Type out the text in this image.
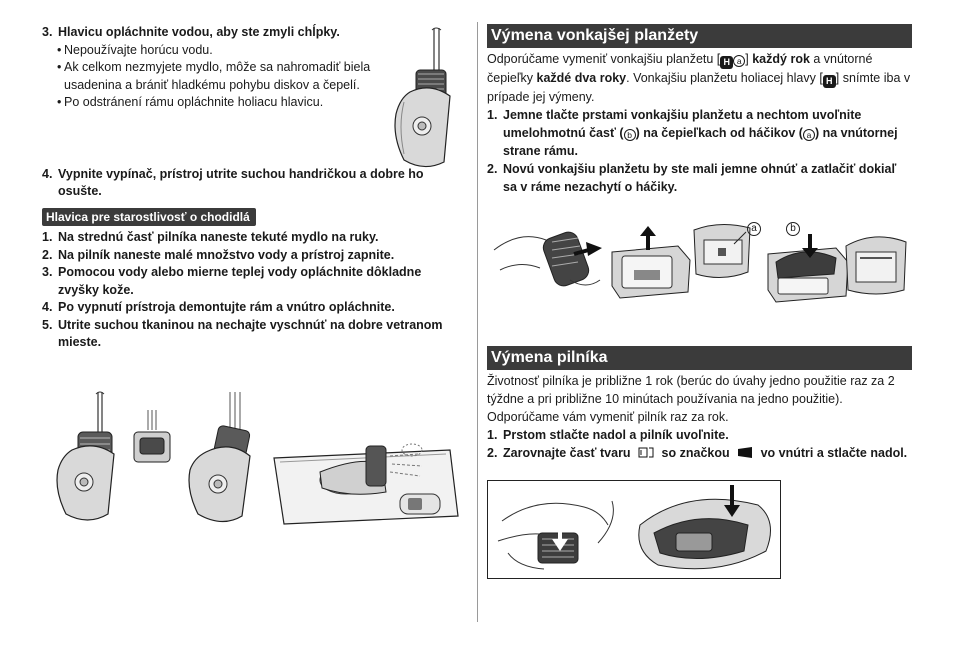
3. Hlavicu opláchnite vodou, aby ste zmyli chĺpky.
• Nepoužívajte horúcu vodu.
• Ak celkom nezmyjete mydlo, môže sa nahromadiť biela usadenina a brániť hladkému pohybu diskov a čepelí.
• Po odstránení rámu opláchnite holiacu hlavicu.
4. Vypnite vypínač, prístroj utrite suchou handričkou a dobre ho osušte.
Hlavica pre starostlivosť o chodidlá
1. Na strednú časť pilníka naneste tekuté mydlo na ruky.
2. Na pilník naneste malé množstvo vody a prístroj zapnite.
3. Pomocou vody alebo mierne teplej vody opláchnite dôkladne zvyšky kože.
4. Po vypnutí prístroja demontujte rám a vnútro opláchnite.
5. Utrite suchou tkaninou na nechajte vyschnúť na dobre vetranom mieste.
Výmena vonkajšej planžety
Odporúčame vymeniť vonkajšiu planžetu [ H a ] každý rok a vnútorné čepieľky každé dva roky. Vonkajšiu planžetu holiacej hlavy [ H ] snímte iba v prípade jej výmeny.
1. Jemne tlačte prstami vonkajšiu planžetu a nechtom uvoľnite umelohmotnú časť ( b ) na čepieľkach od háčikov ( a ) na vnútornej strane rámu.
2. Novú vonkajšiu planžetu by ste mali jemne ohnúť a zatlačiť dokiaľ sa v ráme nezachytí o háčiky.
a	b
Výmena pilníka
Životnosť pilníka je približne 1 rok (berúc do úvahy jedno použitie raz za 2 týždne a pri približne 10 minútach používania na jedno použitie). Odporúčame vám vymeniť pilník raz za rok.
1. Prstom stlačte nadol a pilník uvoľnite.
2. Zarovnajte časť tvaru so značkou vo vnútri a stlačte nadol.
